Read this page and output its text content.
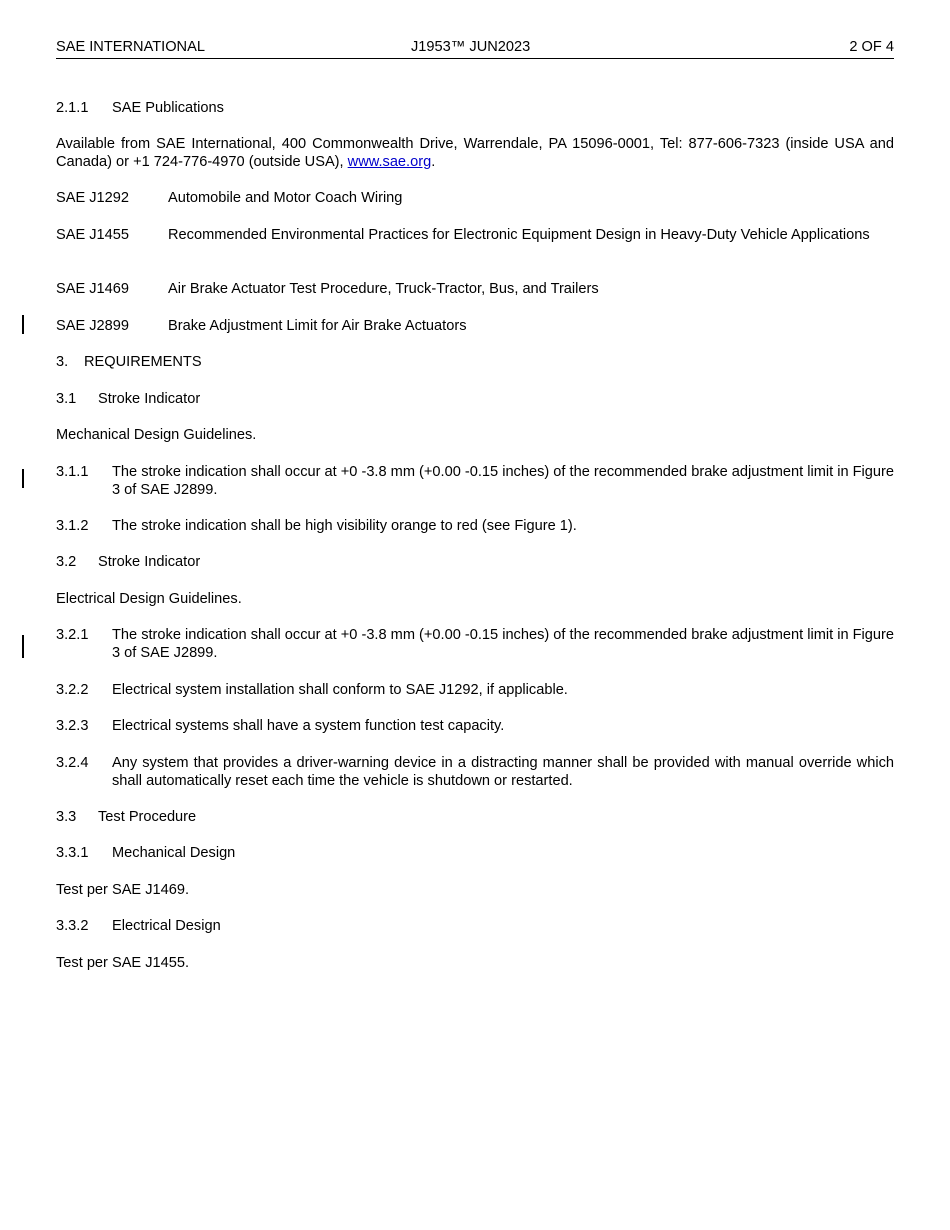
SAE INTERNATIONAL	J1953™ JUN2023	2 OF 4
2.1.1	SAE Publications
Available from SAE International, 400 Commonwealth Drive, Warrendale, PA 15096-0001, Tel: 877-606-7323 (inside USA and Canada) or +1 724-776-4970 (outside USA), www.sae.org.
SAE J1292	Automobile and Motor Coach Wiring
SAE J1455	Recommended Environmental Practices for Electronic Equipment Design in Heavy-Duty Vehicle Applications
SAE J1469	Air Brake Actuator Test Procedure, Truck-Tractor, Bus, and Trailers
SAE J2899	Brake Adjustment Limit for Air Brake Actuators
3.	REQUIREMENTS
3.1	Stroke Indicator
Mechanical Design Guidelines.
3.1.1	The stroke indication shall occur at +0 -3.8 mm (+0.00 -0.15 inches) of the recommended brake adjustment limit in Figure 3 of SAE J2899.
3.1.2	The stroke indication shall be high visibility orange to red (see Figure 1).
3.2	Stroke Indicator
Electrical Design Guidelines.
3.2.1	The stroke indication shall occur at +0 -3.8 mm (+0.00 -0.15 inches) of the recommended brake adjustment limit in Figure 3 of SAE J2899.
3.2.2	Electrical system installation shall conform to SAE J1292, if applicable.
3.2.3	Electrical systems shall have a system function test capacity.
3.2.4	Any system that provides a driver-warning device in a distracting manner shall be provided with manual override which shall automatically reset each time the vehicle is shutdown or restarted.
3.3	Test Procedure
3.3.1	Mechanical Design
Test per SAE J1469.
3.3.2	Electrical Design
Test per SAE J1455.
